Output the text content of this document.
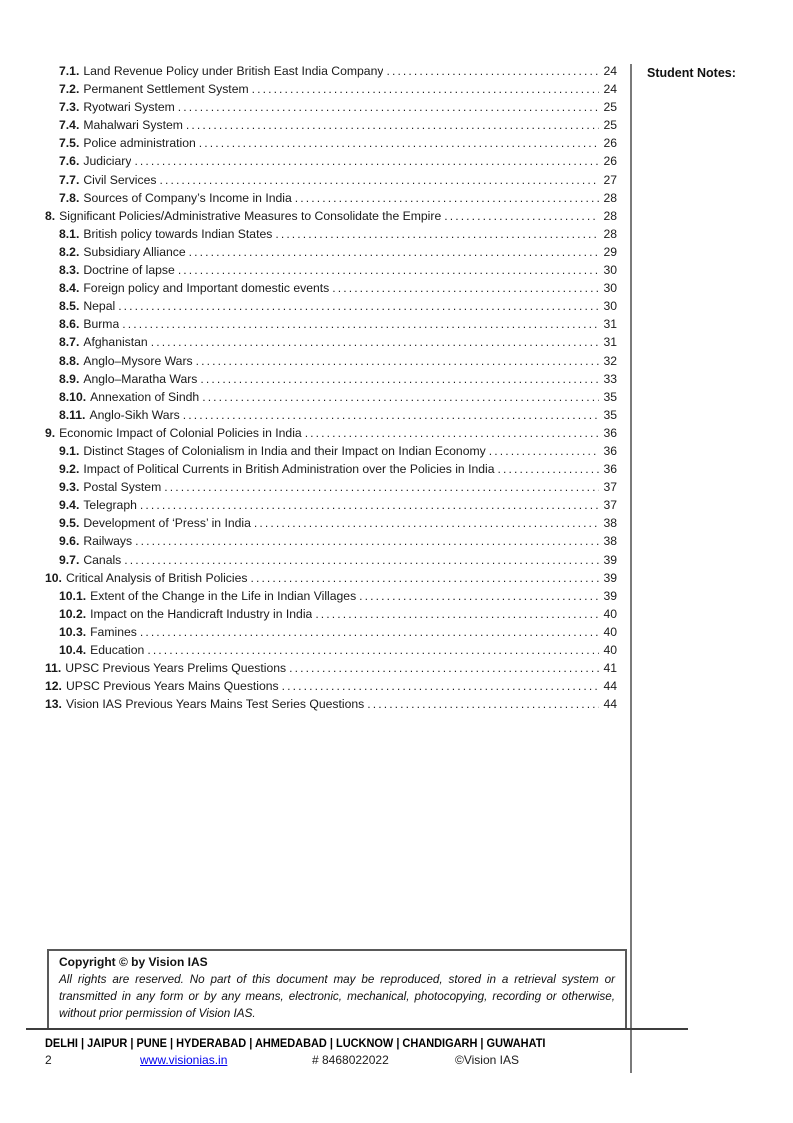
7.1. Land Revenue Policy under British East India Company .....	24
7.2. Permanent Settlement System .....	24
7.3. Ryotwari System .....	25
7.4. Mahalwari System .....	25
7.5. Police administration .....	26
7.6. Judiciary .....	26
7.7. Civil Services .....	27
7.8. Sources of Company’s Income in India .....	28
8. Significant Policies/Administrative Measures to Consolidate the Empire .....	28
8.1. British policy towards Indian States .....	28
8.2. Subsidiary Alliance .....	29
8.3. Doctrine of lapse .....	30
8.4. Foreign policy and Important domestic events .....	30
8.5. Nepal .....	30
8.6. Burma .....	31
8.7. Afghanistan .....	31
8.8. Anglo–Mysore Wars .....	32
8.9. Anglo–Maratha Wars .....	33
8.10. Annexation of Sindh .....	35
8.11. Anglo-Sikh Wars .....	35
9. Economic Impact of Colonial Policies in India .....	36
9.1. Distinct Stages of Colonialism in India and their Impact on Indian Economy .....	36
9.2. Impact of Political Currents in British Administration over the Policies in India .....	36
9.3. Postal System .....	37
9.4. Telegraph .....	37
9.5. Development of ‘Press’ in India .....	38
9.6. Railways .....	38
9.7. Canals .....	39
10. Critical Analysis of British Policies .....	39
10.1. Extent of the Change in the Life in Indian Villages .....	39
10.2. Impact on the Handicraft Industry in India .....	40
10.3. Famines .....	40
10.4. Education .....	40
11. UPSC Previous Years Prelims Questions .....	41
12. UPSC Previous Years Mains Questions .....	44
13. Vision IAS Previous Years Mains Test Series Questions .....	44
Student Notes:
Copyright © by Vision IAS
All rights are reserved. No part of this document may be reproduced, stored in a retrieval system or transmitted in any form or by any means, electronic, mechanical, photocopying, recording or otherwise, without prior permission of Vision IAS.
DELHI | JAIPUR | PUNE | HYDERABAD | AHMEDABAD | LUCKNOW | CHANDIGARH | GUWAHATI
2	www.visionias.in	# 8468022022	©Vision IAS
